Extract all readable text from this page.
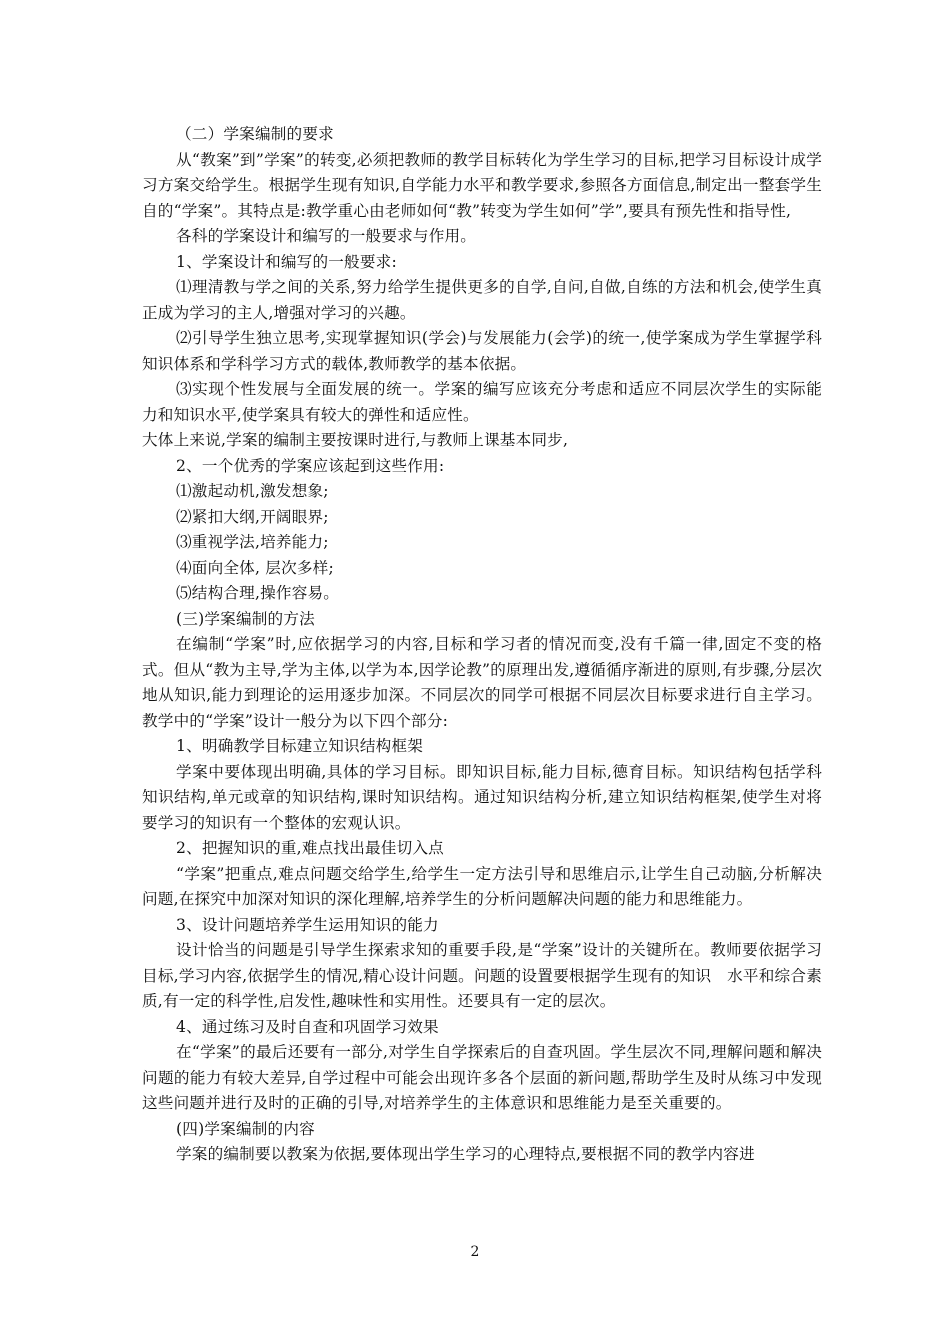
（二）学案编制的要求

从“教案”到”学案”的转变,必须把教师的教学目标转化为学生学习的目标,把学习目标设计成学习方案交给学生。根据学生现有知识,自学能力水平和教学要求,参照各方面信息,制定出一整套学生自的“学案”。其特点是:教学重心由老师如何“教”转变为学生如何”学”,要具有预先性和指导性,

各科的学案设计和编写的一般要求与作用。

1、学案设计和编写的一般要求:

⑴理清教与学之间的关系,努力给学生提供更多的自学,自问,自做,自练的方法和机会,使学生真正成为学习的主人,增强对学习的兴趣。

⑵引导学生独立思考,实现掌握知识(学会)与发展能力(会学)的统一,使学案成为学生掌握学科知识体系和学科学习方式的载体,教师教学的基本依据。

⑶实现个性发展与全面发展的统一。学案的编写应该充分考虑和适应不同层次学生的实际能力和知识水平,使学案具有较大的弹性和适应性。

大体上来说,学案的编制主要按课时进行,与教师上课基本同步,

2、一个优秀的学案应该起到这些作用:

⑴激起动机,激发想象;

⑵紧扣大纲,开阔眼界;

⑶重视学法,培养能力;

⑷面向全体, 层次多样;

⑸结构合理,操作容易。

(三)学案编制的方法

在编制“学案”时,应依据学习的内容,目标和学习者的情况而变,没有千篇一律,固定不变的格式。但从“教为主导,学为主体,以学为本,因学论教”的原理出发,遵循循序渐进的原则,有步骤,分层次地从知识,能力到理论的运用逐步加深。不同层次的同学可根据不同层次目标要求进行自主学习。教学中的“学案”设计一般分为以下四个部分:

1、明确教学目标建立知识结构框架

学案中要体现出明确,具体的学习目标。即知识目标,能力目标,德育目标。知识结构包括学科知识结构,单元或章的知识结构,课时知识结构。通过知识结构分析,建立知识结构框架,使学生对将要学习的知识有一个整体的宏观认识。

2、把握知识的重,难点找出最佳切入点

“学案”把重点,难点问题交给学生,给学生一定方法引导和思维启示,让学生自己动脑,分析解决问题,在探究中加深对知识的深化理解,培养学生的分析问题解决问题的能力和思维能力。

3、设计问题培养学生运用知识的能力

设计恰当的问题是引导学生探索求知的重要手段,是“学案”设计的关键所在。教师要依据学习目标,学习内容,依据学生的情况,精心设计问题。问题的设置要根据学生现有的知识　水平和综合素质,有一定的科学性,启发性,趣味性和实用性。还要具有一定的层次。

4、通过练习及时自查和巩固学习效果

在“学案”的最后还要有一部分,对学生自学探索后的自查巩固。学生层次不同,理解问题和解决问题的能力有较大差异,自学过程中可能会出现许多各个层面的新问题,帮助学生及时从练习中发现这些问题并进行及时的正确的引导,对培养学生的主体意识和思维能力是至关重要的。

(四)学案编制的内容

学案的编制要以教案为依据,要体现出学生学习的心理特点,要根据不同的教学内容进

2
